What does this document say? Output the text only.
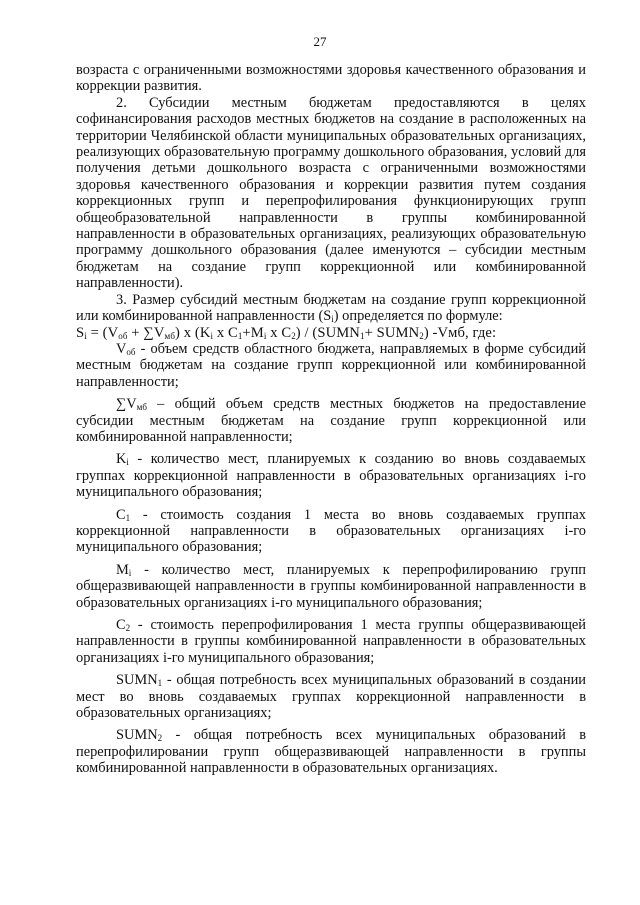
27

возраста с ограниченными возможностями здоровья качественного образования и коррекции развития.

2. Субсидии местным бюджетам предоставляются в целях софинансирования расходов местных бюджетов на создание в расположенных на территории Челябинской области муниципальных образовательных организациях, реализующих образовательную программу дошкольного образования, условий для получения детьми дошкольного возраста с ограниченными возможностями здоровья качественного образования и коррекции развития путем создания коррекционных групп и перепрофилирования функционирующих групп общеобразовательной направленности в группы комбинированной направленности в образовательных организациях, реализующих образовательную программу дошкольного образования (далее именуются – субсидии местным бюджетам на создание групп коррекционной или комбинированной направленности).

3. Размер субсидий местным бюджетам на создание групп коррекционной или комбинированной направленности $(S_i)$ определяется по формуле:

$S_i = (V_{об} + \sum V_{мб})$ x ($K_i$ x $C_1+M_i$ x $C_2$) / ($SUMN_1+$ $SUMN_2$) -Vмб, где:

$V_{об}$ - объем средств областного бюджета, направляемых в форме субсидий местным бюджетам на создание групп коррекционной или комбинированной направленности;

$\sum V_{мб}$ – общий объем средств местных бюджетов на предоставление субсидии местным бюджетам на создание групп коррекционной или комбинированной направленности;

$K_i$ - количество мест, планируемых к созданию во вновь создаваемых группах коррекционной направленности в образовательных организациях i-го муниципального образования;

$C_1$ - стоимость создания 1 места во вновь создаваемых группах коррекционной направленности в образовательных организациях i-го муниципального образования;

$M_i$ - количество мест, планируемых к перепрофилированию групп общеразвивающей направленности в группы комбинированной направленности в образовательных организациях i-го муниципального образования;

$C_2$ - стоимость перепрофилирования 1 места группы общеразвивающей направленности в группы комбинированной направленности в образовательных организациях i-го муниципального образования;

$SUMN_1$ - общая потребность всех муниципальных образований в создании мест во вновь создаваемых группах коррекционной направленности в образовательных организациях;

$SUMN_2$ - общая потребность всех муниципальных образований в перепрофилировании групп общеразвивающей направленности в группы комбинированной направленности в образовательных организациях.
